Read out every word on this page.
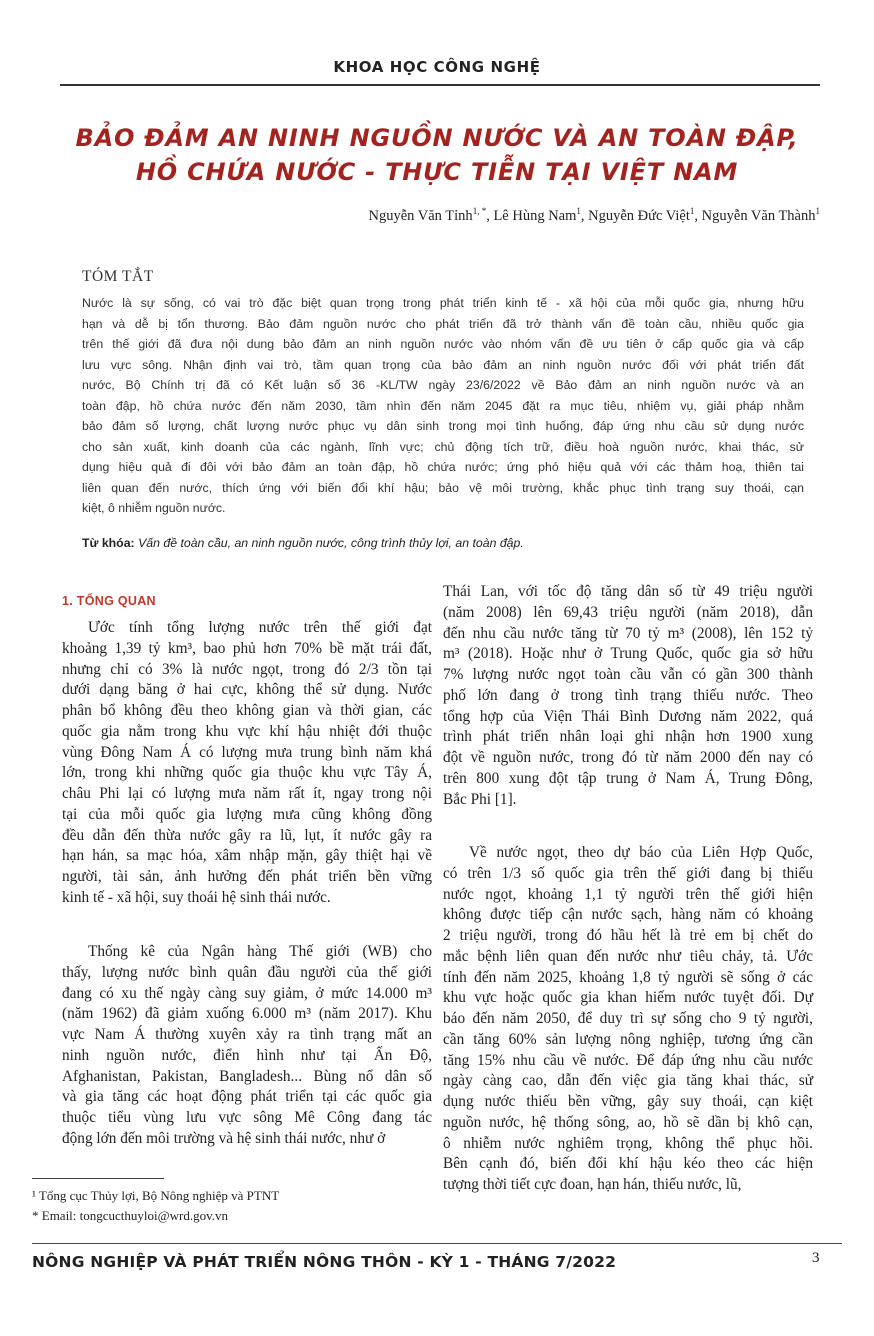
KHOA HỌC CÔNG NGHỆ
BẢO ĐẢM AN NINH NGUỒN NƯỚC VÀ AN TOÀN ĐẬP,
HỒ CHỨA NƯỚC - THỰC TIỄN TẠI VIỆT NAM
Nguyễn Văn Tỉnh$^{1, *}$, Lê Hùng Nam$^1$, Nguyễn Đức Việt$^1$, Nguyễn Văn Thành$^1$
TÓM TẮT
Nước là sự sống, có vai trò đặc biệt quan trọng trong phát triển kinh tế - xã hội của mỗi quốc gia, nhưng hữu
hạn và dễ bị tổn thương. Bảo đảm nguồn nước cho phát triển đã trở thành vấn đề toàn cầu, nhiều quốc gia
trên thế giới đã đưa nội dung bảo đảm an ninh nguồn nước vào nhóm vấn đề ưu tiên ở cấp quốc gia và cấp
lưu vực sông. Nhận định vai trò, tầm quan trọng của bảo đảm an ninh nguồn nước đối với phát triển đất
nước, Bộ Chính trị đã có Kết luận số 36 -KL/TW ngày 23/6/2022 về Bảo đảm an ninh nguồn nước và an
toàn đập, hồ chứa nước đến năm 2030, tầm nhìn đến năm 2045 đặt ra mục tiêu, nhiệm vụ, giải pháp nhằm
bảo đảm số lượng, chất lượng nước phục vụ dân sinh trong mọi tình huống, đáp ứng nhu cầu sử dụng nước
cho sản xuất, kinh doanh của các ngành, lĩnh vực; chủ động tích trữ, điều hoà nguồn nước, khai thác, sử
dụng hiệu quả đi đôi với bảo đảm an toàn đập, hồ chứa nước; ứng phó hiệu quả với các thảm hoạ, thiên tai
liên quan đến nước, thích ứng với biến đổi khí hậu; bảo vệ môi trường, khắc phục tình trạng suy thoái, cạn
kiệt, ô nhiễm nguồn nước.
Từ khóa: Vấn đề toàn cầu, an ninh nguồn nước, công trình thủy lợi, an toàn đập.
1. TỔNG QUAN
Ước tính tổng lượng nước trên thế giới đạt
khoảng 1,39 tỷ km³, bao phủ hơn 70% bề mặt trái đất,
nhưng chỉ có 3% là nước ngọt, trong đó 2/3 tồn tại
dưới dạng băng ở hai cực, không thể sử dụng. Nước
phân bổ không đều theo không gian và thời gian, các
quốc gia nằm trong khu vực khí hậu nhiệt đới thuộc
vùng Đông Nam Á có lượng mưa trung bình năm khá
lớn, trong khi những quốc gia thuộc khu vực Tây Á,
châu Phi lại có lượng mưa năm rất ít, ngay trong nội
tại của mỗi quốc gia lượng mưa cũng không đồng
đều dẫn đến thừa nước gây ra lũ, lụt, ít nước gây ra
hạn hán, sa mạc hóa, xâm nhập mặn, gây thiệt hại về
người, tài sản, ảnh hưởng đến phát triển bền vững
kinh tế - xã hội, suy thoái hệ sinh thái nước.
Thống kê của Ngân hàng Thế giới (WB) cho
thấy, lượng nước bình quân đầu người của thế giới
đang có xu thế ngày càng suy giảm, ở mức 14.000 m³
(năm 1962) đã giảm xuống 6.000 m³ (năm 2017). Khu
vực Nam Á thường xuyên xảy ra tình trạng mất an
ninh nguồn nước, điển hình như tại Ấn Độ,
Afghanistan, Pakistan, Bangladesh... Bùng nổ dân số
và gia tăng các hoạt động phát triển tại các quốc gia
thuộc tiểu vùng lưu vực sông Mê Công đang tác
động lớn đến môi trường và hệ sinh thái nước, như ở
Thái Lan, với tốc độ tăng dân số từ 49 triệu người
(năm 2008) lên 69,43 triệu người (năm 2018), dẫn
đến nhu cầu nước tăng từ 70 tỷ m³ (2008), lên 152 tỷ
m³ (2018). Hoặc như ở Trung Quốc, quốc gia sở hữu
7% lượng nước ngọt toàn cầu vẫn có gần 300 thành
phố lớn đang ở trong tình trạng thiếu nước. Theo
tổng hợp của Viện Thái Bình Dương năm 2022, quá
trình phát triển nhân loại ghi nhận hơn 1900 xung
đột về nguồn nước, trong đó từ năm 2000 đến nay có
trên 800 xung đột tập trung ở Nam Á, Trung Đông,
Bắc Phi [1].
Về nước ngọt, theo dự báo của Liên Hợp Quốc,
có trên 1/3 số quốc gia trên thế giới đang bị thiếu
nước ngọt, khoảng 1,1 tỷ người trên thế giới hiện
không được tiếp cận nước sạch, hàng năm có khoảng
2 triệu người, trong đó hầu hết là trẻ em bị chết do
mắc bệnh liên quan đến nước như tiêu chảy, tả. Ước
tính đến năm 2025, khoảng 1,8 tỷ người sẽ sống ở các
khu vực hoặc quốc gia khan hiếm nước tuyệt đối. Dự
báo đến năm 2050, để duy trì sự sống cho 9 tỷ người,
cần tăng 60% sản lượng nông nghiệp, tương ứng cần
tăng 15% nhu cầu về nước. Để đáp ứng nhu cầu nước
ngày càng cao, dẫn đến việc gia tăng khai thác, sử
dụng nước thiếu bền vững, gây suy thoái, cạn kiệt
nguồn nước, hệ thống sông, ao, hồ sẽ dần bị khô cạn,
ô nhiễm nước nghiêm trọng, không thể phục hồi.
Bên cạnh đó, biến đổi khí hậu kéo theo các hiện
tượng thời tiết cực đoan, hạn hán, thiếu nước, lũ,
¹ Tổng cục Thủy lợi, Bộ Nông nghiệp và PTNT
* Email: tongcucthuyloi@wrd.gov.vn
NÔNG NGHIỆP VÀ PHÁT TRIỂN NÔNG THÔN - KỲ 1 - THÁNG 7/2022	3
